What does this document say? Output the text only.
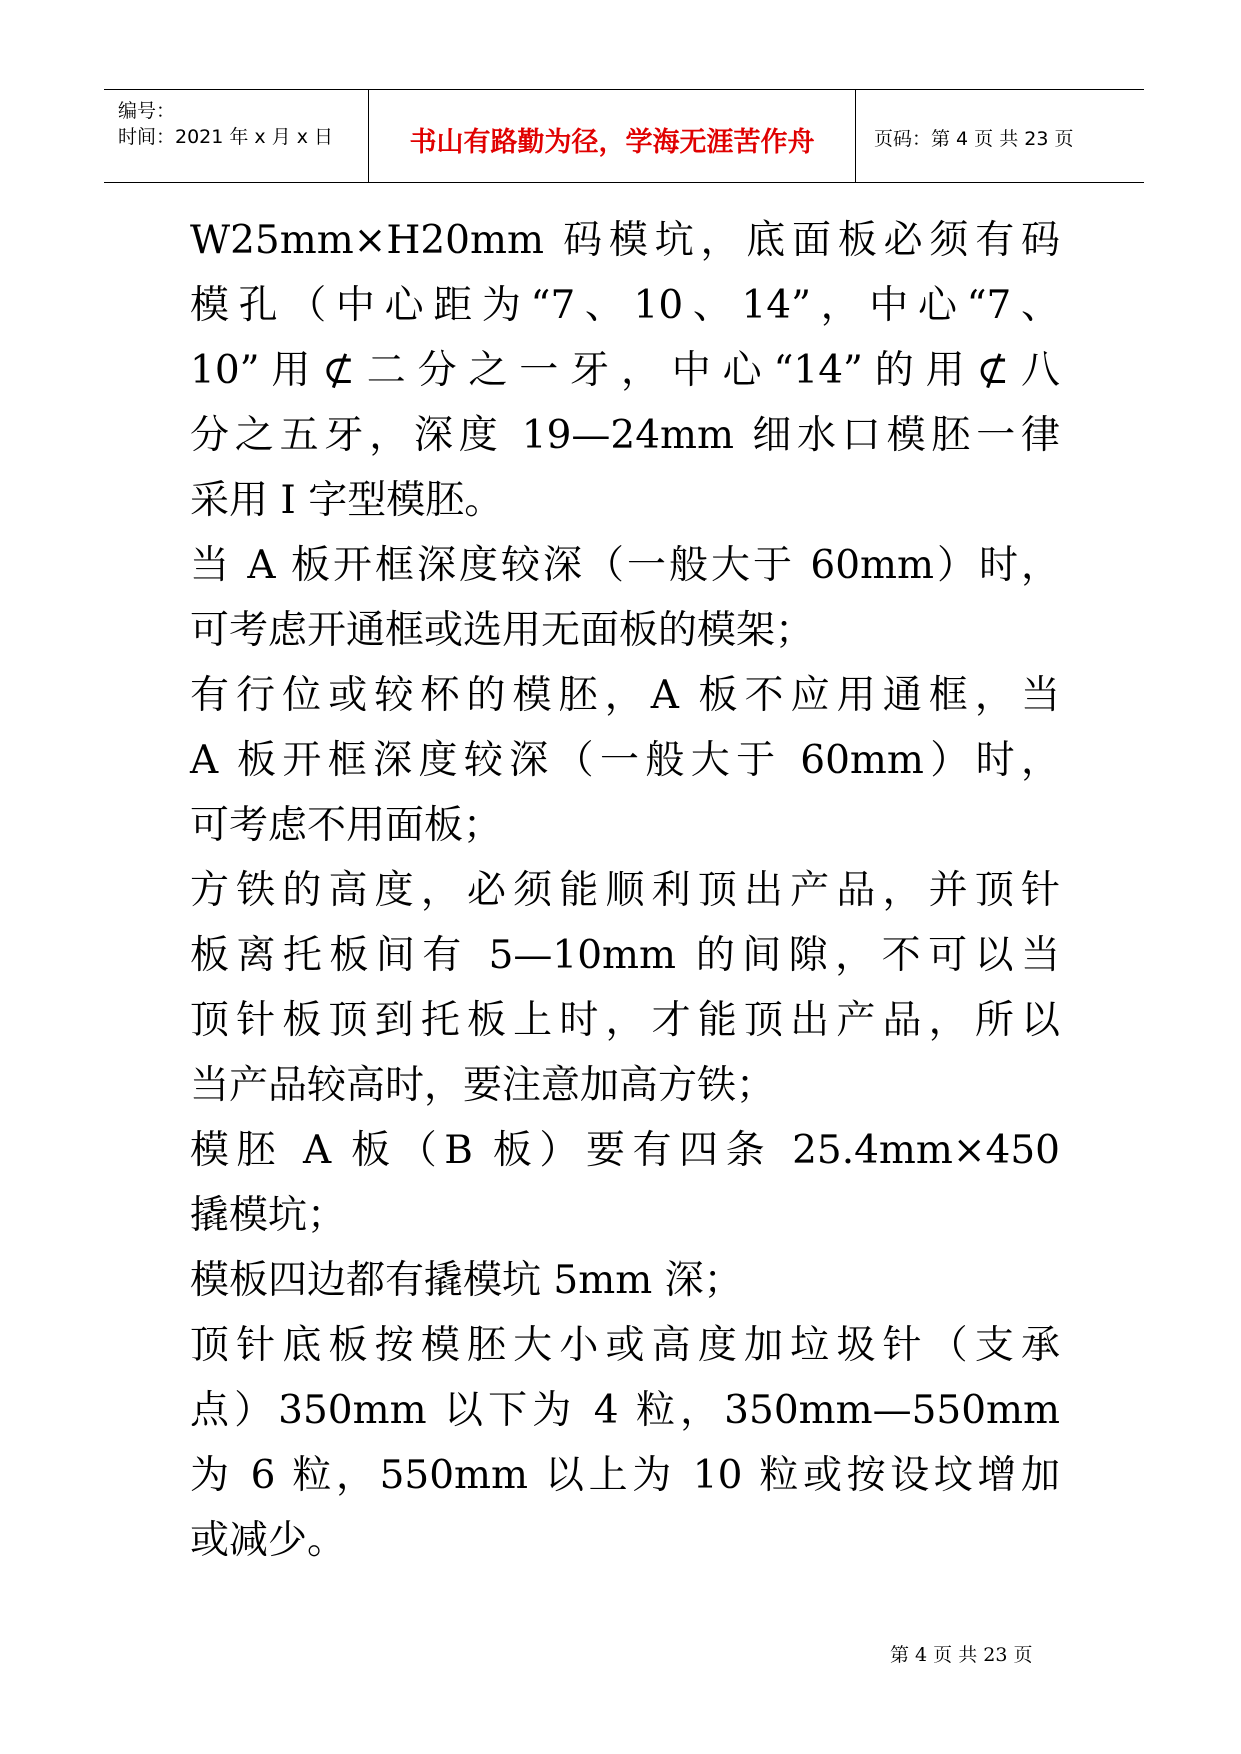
编号：
时间：2021 年 x 月 x 日	书山有路勤为径，学海无涯苦作舟	页码：第 4 页 共 23 页
W25mm×H20mm 码模坑，底面板必须有码
模孔（中心距为“7、10、14”，中心“7、
10”用⊄二分之一牙，中心“14”的用⊄八
分之五牙，深度 19—24mm 细水口模胚一律
采用 I 字型模胚。
当 A 板开框深度较深（一般大于 60mm）时，
可考虑开通框或选用无面板的模架；
有行位或较杯的模胚，A 板不应用通框，当
A 板开框深度较深（一般大于 60mm）时，
可考虑不用面板；
方铁的高度，必须能顺利顶出产品，并顶针
板离托板间有 5—10mm 的间隙，不可以当
顶针板顶到托板上时，才能顶出产品，所以
当产品较高时，要注意加高方铁；
模胚 A 板（B 板）要有四条 25.4mm×450
撬模坑；
模板四边都有撬模坑 5mm 深；
顶针底板按模胚大小或高度加垃圾针（支承
点）350mm 以下为 4 粒，350mm—550mm
为 6 粒，550mm 以上为 10 粒或按设坟增加
或减少。
第 4 页 共 23 页
